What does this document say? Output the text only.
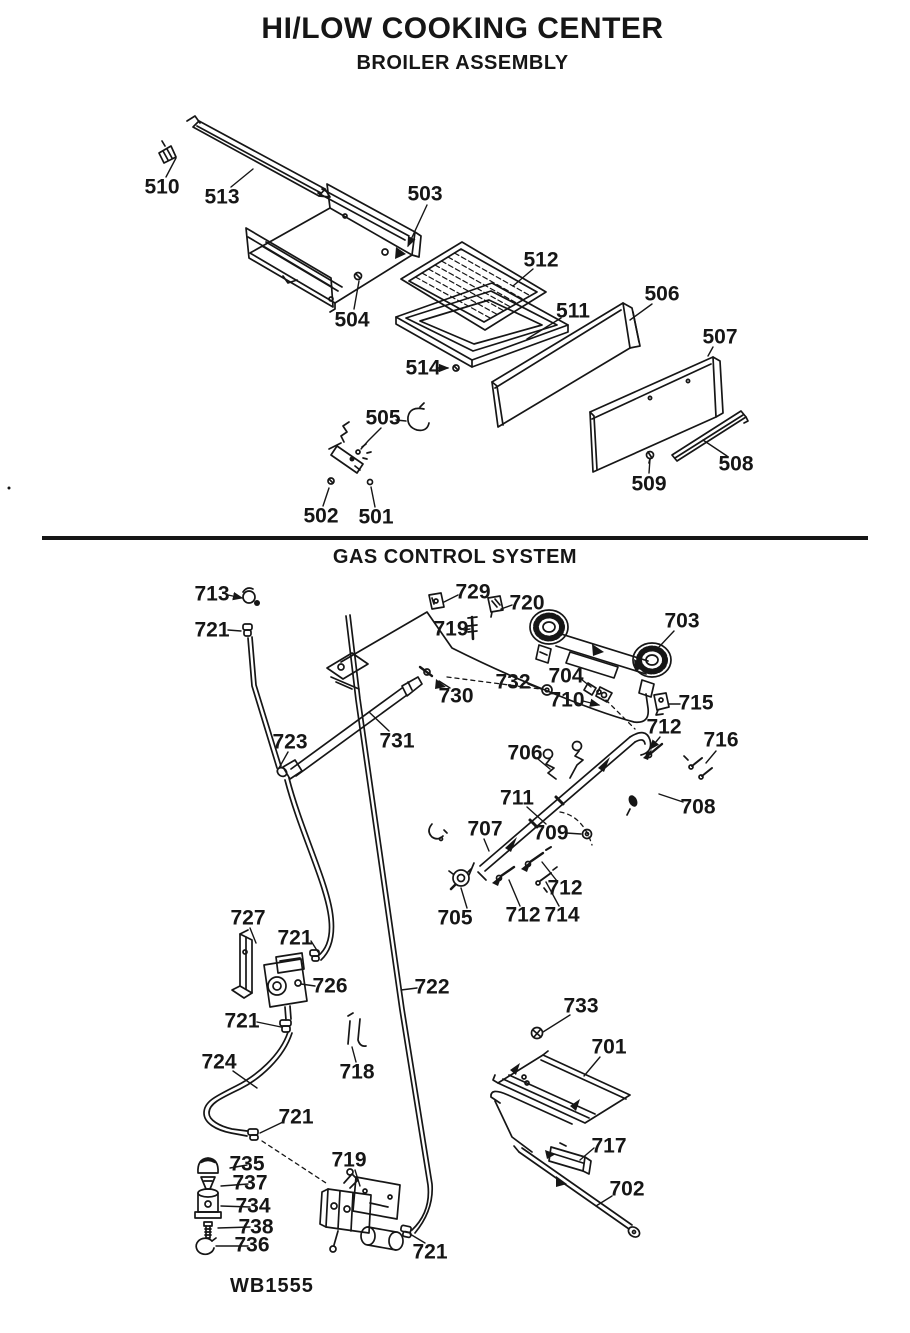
HI/LOW COOKING CENTER
BROILER ASSEMBLY
GAS CONTROL SYSTEM
WB1555
510 513	503
504
512
511
506
507
514
505
509
508
502 501
713
721
729
719
720
703
732 704
710	715
730
723	731
706
712
716
711	708
707 709
705
712
712 714
727
721
726	722
721
724	718
733
701
721
735
737
734
738
736
719
717
702
721
